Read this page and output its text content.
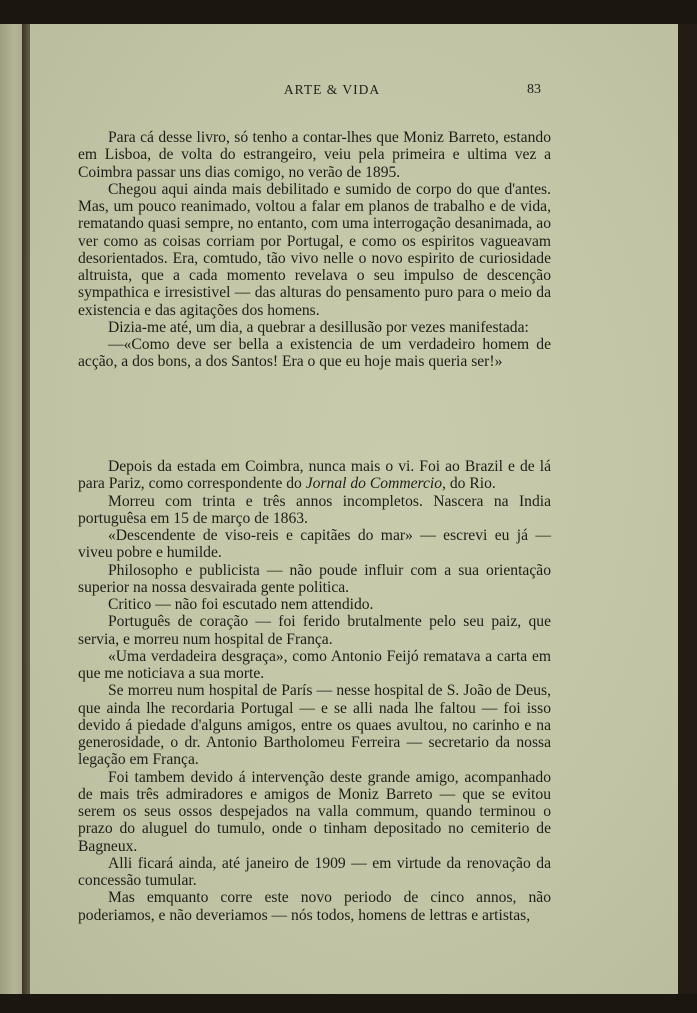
ARTE & VIDA	83

Para cá desse livro, só tenho a contar-lhes que Moniz Barreto, estando em Lisboa, de volta do estrangeiro, veiu pela primeira e ultima vez a Coimbra passar uns dias comigo, no verão de 1895.

Chegou aqui ainda mais debilitado e sumido de corpo do que d'antes. Mas, um pouco reanimado, voltou a falar em planos de trabalho e de vida, rematando quasi sempre, no entanto, com uma interrogação desanimada, ao ver como as coisas corriam por Portugal, e como os espiritos vagueavam desorientados. Era, comtudo, tão vivo nelle o novo espirito de curiosidade altruista, que a cada momento revelava o seu impulso de descenção sympathica e irresistivel — das alturas do pensamento puro para o meio da existencia e das agitações dos homens.

Dizia-me até, um dia, a quebrar a desillusão por vezes manifestada:

—«Como deve ser bella a existencia de um verdadeiro homem de acção, a dos bons, a dos Santos! Era o que eu hoje mais queria ser!»

Depois da estada em Coimbra, nunca mais o vi. Foi ao Brazil e de lá para Pariz, como correspondente do Jornal do Commercio, do Rio.

Morreu com trinta e três annos incompletos. Nascera na India portuguêsa em 15 de março de 1863.

«Descendente de viso-reis e capitães do mar» — escrevi eu já — viveu pobre e humilde.

Philosopho e publicista — não poude influir com a sua orientação superior na nossa desvairada gente politica.

Critico — não foi escutado nem attendido.

Português de coração — foi ferido brutalmente pelo seu paiz, que servia, e morreu num hospital de França.

«Uma verdadeira desgraça», como Antonio Feijó rematava a carta em que me noticiava a sua morte.

Se morreu num hospital de París — nesse hospital de S. João de Deus, que ainda lhe recordaria Portugal — e se alli nada lhe faltou — foi isso devido á piedade d'alguns amigos, entre os quaes avultou, no carinho e na generosidade, o dr. Antonio Bartholomeu Ferreira — secretario da nossa legação em França.

Foi tambem devido á intervenção deste grande amigo, acompanhado de mais três admiradores e amigos de Moniz Barreto — que se evitou serem os seus ossos despejados na valla commum, quando terminou o prazo do aluguel do tumulo, onde o tinham depositado no cemiterio de Bagneux.

Alli ficará ainda, até janeiro de 1909 — em virtude da renovação da concessão tumular.

Mas emquanto corre este novo periodo de cinco annos, não poderiamos, e não deveriamos — nós todos, homens de lettras e artistas,
